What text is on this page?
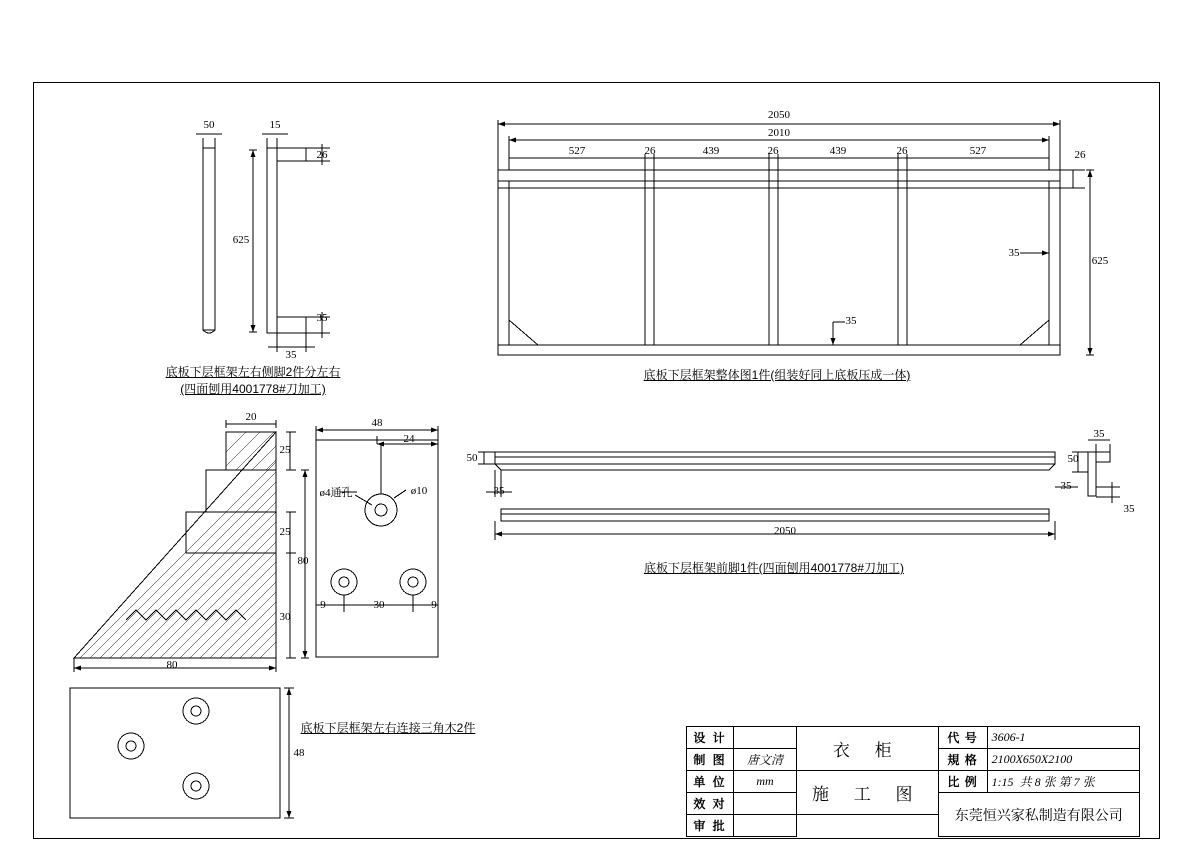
50	15
26
625
35
35
2050
2010
527	26	439	26	439	26	527	26
625
35
35
50
35
2050
35
50
35
35
20
25
25
80
30
80
48
24
ø4通孔	ø10
9	30	9
48
底板下层框架左右侧脚2件分左右
(四面刨用4001778#刀加工)
底板下层框架整体图1件(组装好同上底板压成一体)
底板下层框架前脚1件(四面刨用4001778#刀加工)
底板下层框架左右连接三角木2件
设 计		衣 柜	代 号	3606-1
制 图	唐文清		規 格	2100X650X2100
单 位	mm	施 工 图	比 例	1:15 共 8 张 第 7 张
效 对			东莞恒兴家私制造有限公司	
审 批				
